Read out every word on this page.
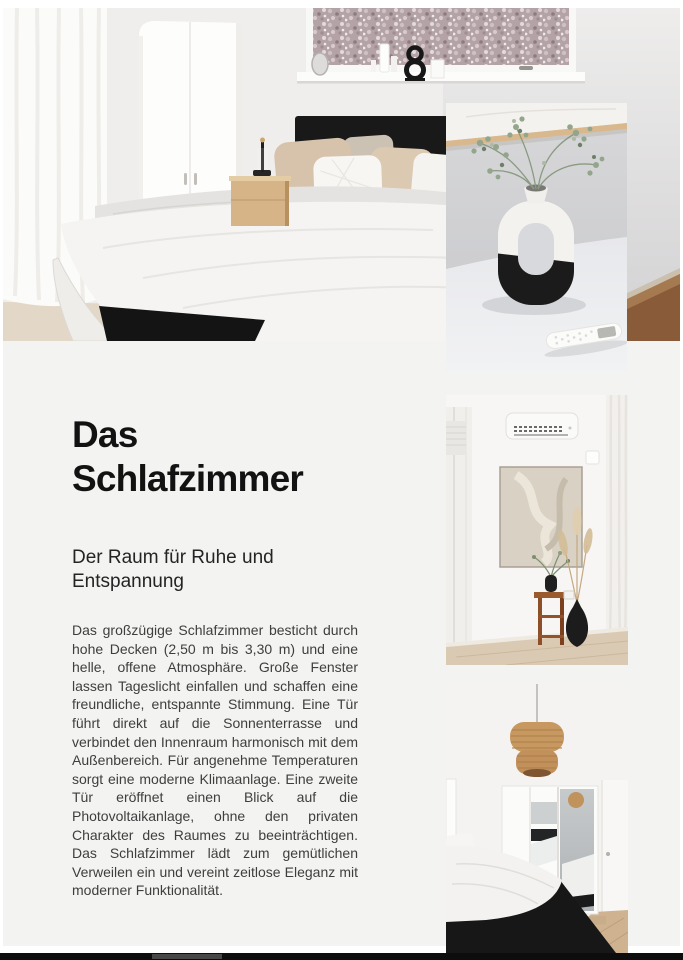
Das Schlafzimmer
Der Raum für Ruhe und Entspannung

Das großzügige Schlafzimmer besticht durch hohe Decken (2,50 m bis 3,30 m) und eine helle, offene Atmosphäre. Große Fenster lassen Tageslicht einfallen und schaffen eine freundliche, entspannte Stimmung. Eine Tür führt direkt auf die Sonnenterrasse und verbindet den Innenraum harmonisch mit dem Außenbereich. Für angenehme Temperaturen sorgt eine moderne Klimaanlage. Eine zweite Tür eröffnet einen Blick auf die Photovoltaikanlage, ohne den privaten Charakter des Raumes zu beeinträchtigen. Das Schlafzimmer lädt zum gemütlichen Verweilen ein und vereint zeitlose Eleganz mit moderner Funktionalität.
